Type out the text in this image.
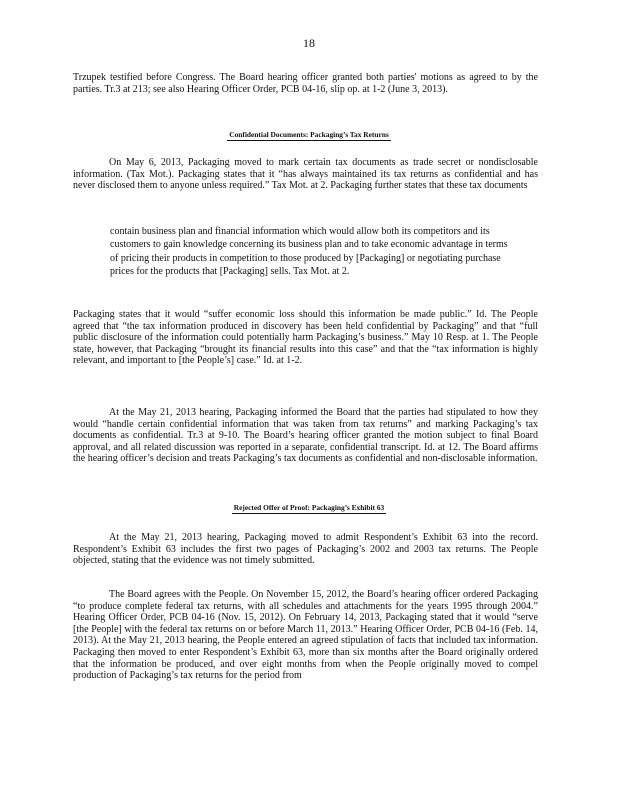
18
Trzupek testified before Congress. The Board hearing officer granted both parties' motions as agreed to by the parties. Tr.3 at 213; see also Hearing Officer Order, PCB 04-16, slip op. at 1-2 (June 3, 2013).
Confidential Documents: Packaging’s Tax Returns
On May 6, 2013, Packaging moved to mark certain tax documents as trade secret or nondisclosable information. (Tax Mot.). Packaging states that it “has always maintained its tax returns as confidential and has never disclosed them to anyone unless required.” Tax Mot. at 2. Packaging further states that these tax documents
contain business plan and financial information which would allow both its competitors and its customers to gain knowledge concerning its business plan and to take economic advantage in terms of pricing their products in competition to those produced by [Packaging] or negotiating purchase prices for the products that [Packaging] sells. Tax Mot. at 2.
Packaging states that it would “suffer economic loss should this information be made public.” Id. The People agreed that “the tax information produced in discovery has been held confidential by Packaging” and that “full public disclosure of the information could potentially harm Packaging’s business.” May 10 Resp. at 1. The People state, however, that Packaging “brought its financial results into this case” and that the “tax information is highly relevant, and important to [the People’s] case.” Id. at 1-2.
At the May 21, 2013 hearing, Packaging informed the Board that the parties had stipulated to how they would “handle certain confidential information that was taken from tax returns” and marking Packaging’s tax documents as confidential. Tr.3 at 9-10. The Board’s hearing officer granted the motion subject to final Board approval, and all related discussion was reported in a separate, confidential transcript. Id. at 12. The Board affirms the hearing officer’s decision and treats Packaging’s tax documents as confidential and non-disclosable information.
Rejected Offer of Proof: Packaging’s Exhibit 63
At the May 21, 2013 hearing, Packaging moved to admit Respondent’s Exhibit 63 into the record. Respondent’s Exhibit 63 includes the first two pages of Packaging’s 2002 and 2003 tax returns. The People objected, stating that the evidence was not timely submitted.
The Board agrees with the People. On November 15, 2012, the Board’s hearing officer ordered Packaging “to produce complete federal tax returns, with all schedules and attachments for the years 1995 through 2004.” Hearing Officer Order, PCB 04-16 (Nov. 15, 2012). On February 14, 2013, Packaging stated that it would “serve [the People] with the federal tax returns on or before March 11, 2013.” Hearing Officer Order, PCB 04-16 (Feb. 14, 2013). At the May 21, 2013 hearing, the People entered an agreed stipulation of facts that included tax information. Packaging then moved to enter Respondent’s Exhibit 63, more than six months after the Board originally ordered that the information be produced, and over eight months from when the People originally moved to compel production of Packaging’s tax returns for the period from
